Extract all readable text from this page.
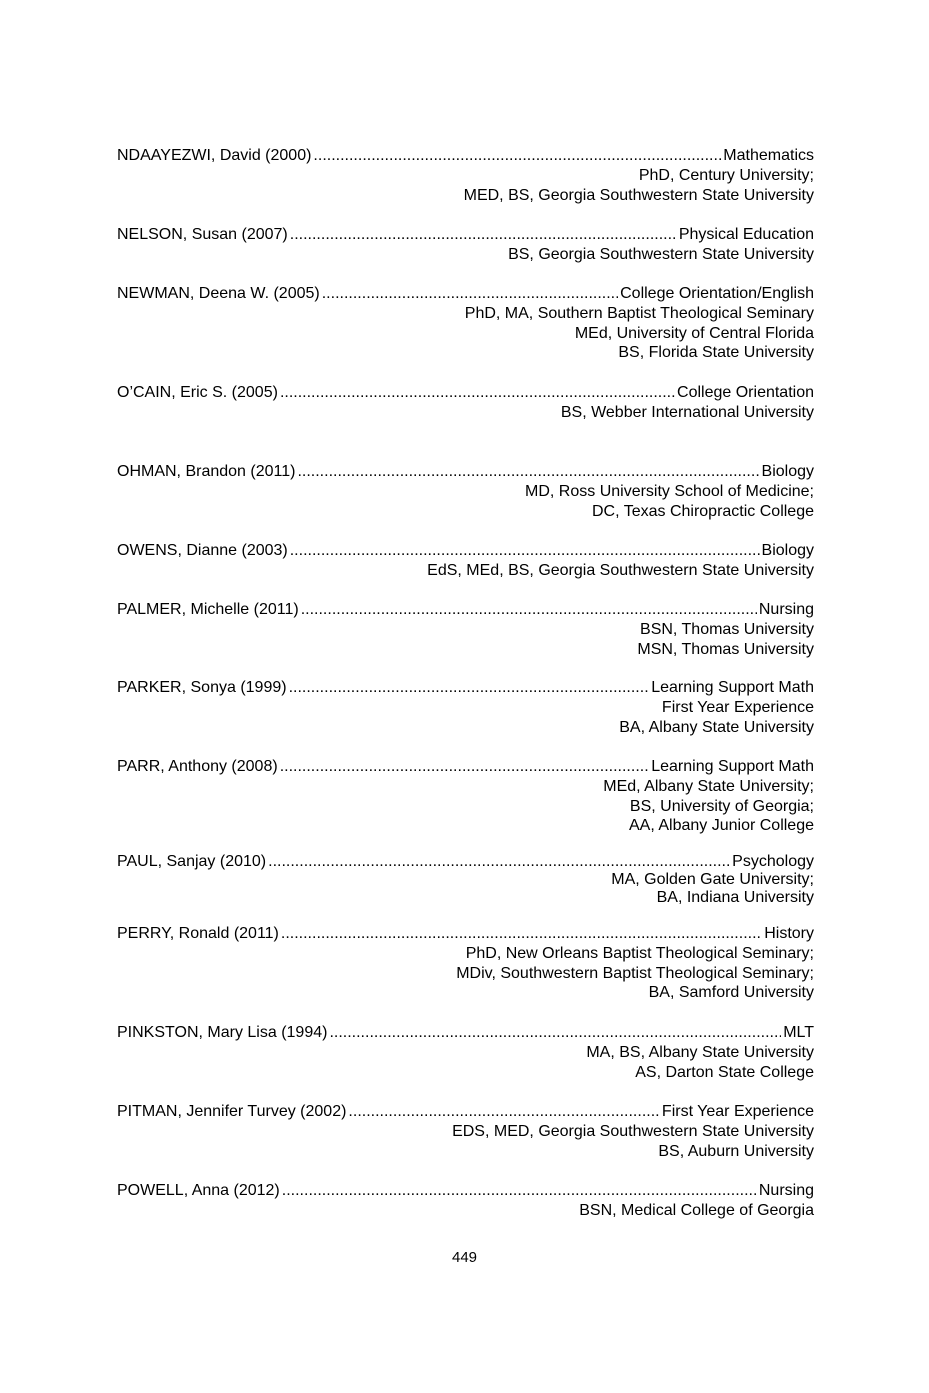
NDAAYEZWI, David (2000) .....	Mathematics
PhD, Century University;
MED, BS, Georgia Southwestern State University
NELSON, Susan (2007) .....	Physical Education
BS, Georgia Southwestern State University
NEWMAN, Deena W. (2005) .....	College Orientation/English
PhD, MA, Southern Baptist Theological Seminary
MEd, University of Central Florida
BS, Florida State University
O’CAIN, Eric S. (2005) .....	College Orientation
BS, Webber International University
OHMAN, Brandon (2011) .....	Biology
MD, Ross University School of Medicine;
DC, Texas Chiropractic College
OWENS, Dianne (2003) .....	Biology
EdS, MEd, BS, Georgia Southwestern State University
PALMER, Michelle (2011) .....	Nursing
BSN, Thomas University
MSN, Thomas University
PARKER, Sonya (1999) .....	Learning Support Math
First Year Experience
BA, Albany State University
PARR, Anthony (2008) .....	Learning Support Math
MEd, Albany State University;
BS, University of Georgia;
AA, Albany Junior College
PAUL, Sanjay (2010) .....	Psychology
MA, Golden Gate University;
BA, Indiana University
PERRY, Ronald (2011) .....	History
PhD, New Orleans Baptist Theological Seminary;
MDiv, Southwestern Baptist Theological Seminary;
BA, Samford University
PINKSTON, Mary Lisa (1994) .....	MLT
MA, BS, Albany State University
AS, Darton State College
PITMAN, Jennifer Turvey (2002) .....	First Year Experience
EDS, MED, Georgia Southwestern State University
BS, Auburn University
POWELL, Anna (2012) .....	Nursing
BSN, Medical College of Georgia
449
